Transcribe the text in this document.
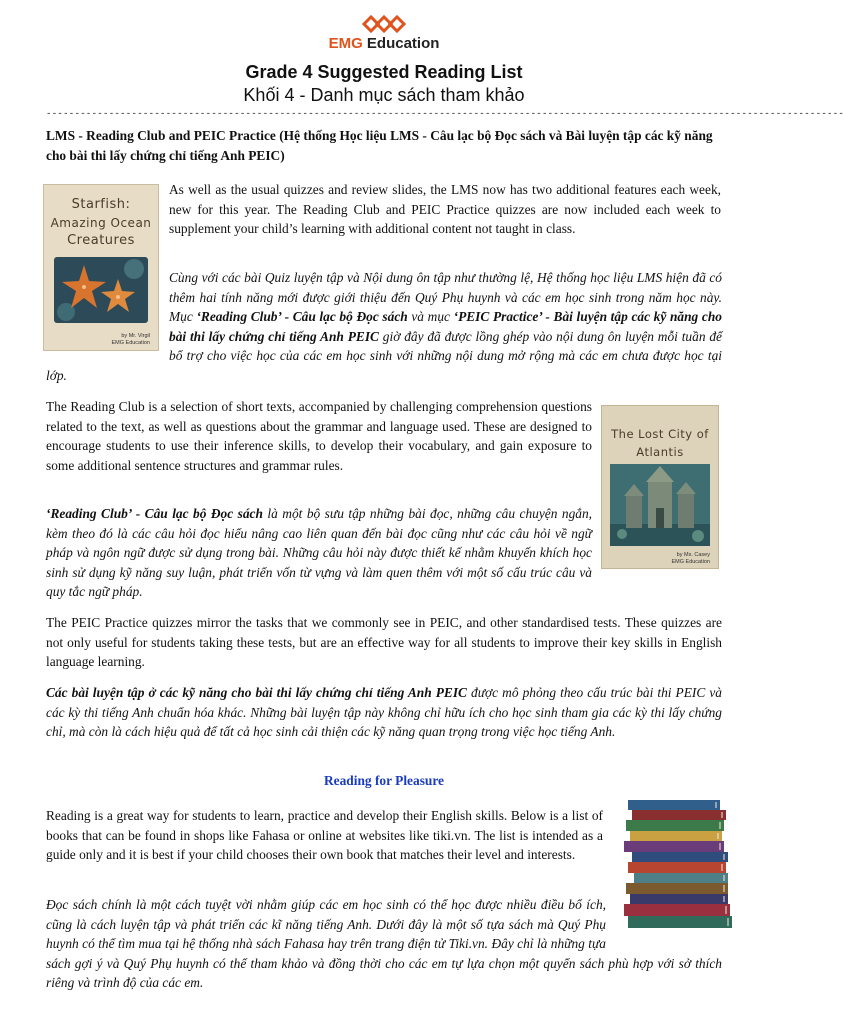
EMG Education
Grade 4 Suggested Reading List
Khối 4 - Danh mục sách tham khảo
--------------------------------------------------------------------------------------------------------------------------------------------
LMS - Reading Club and PEIC Practice (Hệ thống Học liệu LMS - Câu lạc bộ Đọc sách và Bài luyện tập các kỹ năng cho bài thi lấy chứng chỉ tiếng Anh PEIC)
Starfish:
Amazing Ocean
Creatures
by Mr. Virgil
EMG Education

As well as the usual quizzes and review slides, the LMS now has two additional features each week, new for this year. The Reading Club and PEIC Practice quizzes are now included each week to supplement your child’s learning with additional content not taught in class.

Cùng với các bài Quiz luyện tập và Nội dung ôn tập như thường lệ, Hệ thống học liệu LMS hiện đã có thêm hai tính năng mới được giới thiệu đến Quý Phụ huynh và các em học sinh trong năm học này. Mục ‘Reading Club’ - Câu lạc bộ Đọc sách và mục ‘PEIC Practice’ - Bài luyện tập các kỹ năng cho bài thi lấy chứng chỉ tiếng Anh PEIC giờ đây đã được lồng ghép vào nội dung ôn luyện mỗi tuần để bổ trợ cho việc học của các em học sinh với những nội dung mở rộng mà các em chưa được học tại lớp.

The Lost City of
Atlantis
by Ms. Casey
EMG Education

The Reading Club is a selection of short texts, accompanied by challenging comprehension questions related to the text, as well as questions about the grammar and language used. These are designed to encourage students to use their inference skills, to develop their vocabulary, and gain exposure to some additional sentence structures and grammar rules.

‘Reading Club’ - Câu lạc bộ Đọc sách là một bộ sưu tập những bài đọc, những câu chuyện ngắn, kèm theo đó là các câu hỏi đọc hiểu nâng cao liên quan đến bài đọc cũng như các câu hỏi về ngữ pháp và ngôn ngữ được sử dụng trong bài. Những câu hỏi này được thiết kế nhằm khuyến khích học sinh sử dụng kỹ năng suy luận, phát triển vốn từ vựng và làm quen thêm với một số cấu trúc câu và quy tắc ngữ pháp.

The PEIC Practice quizzes mirror the tasks that we commonly see in PEIC, and other standardised tests. These quizzes are not only useful for students taking these tests, but are an effective way for all students to improve their key skills in English language learning.

Các bài luyện tập ở các kỹ năng cho bài thi lấy chứng chỉ tiếng Anh PEIC được mô phỏng theo cấu trúc bài thi PEIC và các kỳ thi tiếng Anh chuẩn hóa khác. Những bài luyện tập này không chỉ hữu ích cho học sinh tham gia các kỳ thi lấy chứng chỉ, mà còn là cách hiệu quả để tất cả học sinh cải thiện các kỹ năng quan trọng trong việc học tiếng Anh.

Reading for Pleasure

Reading is a great way for students to learn, practice and develop their English skills. Below is a list of books that can be found in shops like Fahasa or online at websites like tiki.vn. The list is intended as a guide only and it is best if your child chooses their own book that matches their level and interests.

Đọc sách chính là một cách tuyệt vời nhằm giúp các em học sinh có thể học được nhiều điều bổ ích, cũng là cách luyện tập và phát triển các kĩ năng tiếng Anh. Dưới đây là một số tựa sách mà Quý Phụ huynh có thể tìm mua tại hệ thống nhà sách Fahasa hay trên trang điện tử Tiki.vn. Đây chỉ là những tựa sách gợi ý và Quý Phụ huynh có thể tham khảo và đồng thời cho các em tự lựa chọn một quyển sách phù hợp với sở thích riêng và trình độ của các em.
